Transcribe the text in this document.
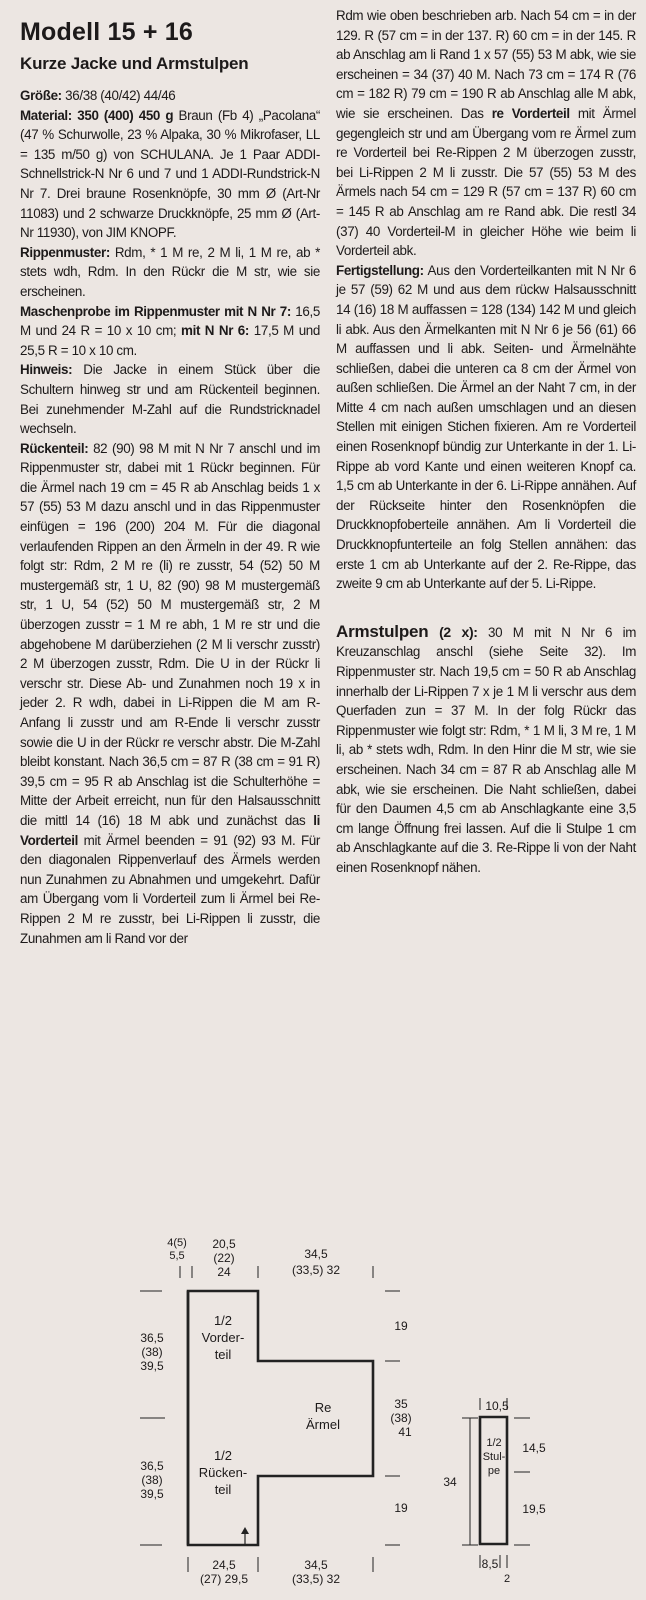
Modell 15 + 16
Kurze Jacke und Armstulpen

Größe: 36/38 (40/42) 44/46

Material: 350 (400) 450 g Braun (Fb 4) „Pacolana“ (47 % Schurwolle, 23 % Alpaka, 30 % Mikrofaser, LL = 135 m/50 g) von SCHULANA. Je 1 Paar ADDI-Schnellstrick-N Nr 6 und 7 und 1 ADDI-Rundstrick-N Nr 7. Drei braune Rosenknöpfe, 30 mm Ø (Art-Nr 11083) und 2 schwarze Druckknöpfe, 25 mm Ø (Art-Nr 11930), von JIM KNOPF.

Rippenmuster: Rdm, * 1 M re, 2 M li, 1 M re, ab * stets wdh, Rdm. In den Rückr die M str, wie sie erscheinen.

Maschenprobe im Rippenmuster mit N Nr 7: 16,5 M und 24 R = 10 x 10 cm; mit N Nr 6: 17,5 M und 25,5 R = 10 x 10 cm.

Hinweis: Die Jacke in einem Stück über die Schultern hinweg str und am Rückenteil beginnen. Bei zunehmender M-Zahl auf die Rundstricknadel wechseln.

Rückenteil: 82 (90) 98 M mit N Nr 7 anschl und im Rippenmuster str, dabei mit 1 Rückr beginnen. Für die Ärmel nach 19 cm = 45 R ab Anschlag beids 1 x 57 (55) 53 M dazu anschl und in das Rippenmuster einfügen = 196 (200) 204 M. Für die diagonal verlaufenden Rippen an den Ärmeln in der 49. R wie folgt str: Rdm, 2 M re (li) re zusstr, 54 (52) 50 M mustergemäß str, 1 U, 82 (90) 98 M mustergemäß str, 1 U, 54 (52) 50 M mustergemäß str, 2 M überzogen zusstr = 1 M re abh, 1 M re str und die abgehobene M darüberziehen (2 M li verschr zusstr) 2 M überzogen zusstr, Rdm. Die U in der Rückr li verschr str. Diese Ab- und Zunahmen noch 19 x in jeder 2. R wdh, dabei in Li-Rippen die M am R-Anfang li zusstr und am R-Ende li verschr zusstr sowie die U in der Rückr re verschr abstr. Die M-Zahl bleibt konstant. Nach 36,5 cm = 87 R (38 cm = 91 R) 39,5 cm = 95 R ab Anschlag ist die Schulterhöhe = Mitte der Arbeit erreicht, nun für den Halsausschnitt die mittl 14 (16) 18 M abk und zunächst das li Vorderteil mit Ärmel beenden = 91 (92) 93 M. Für den diagonalen Rippenverlauf des Ärmels werden nun Zunahmen zu Abnahmen und umgekehrt. Dafür am Übergang vom li Vorderteil zum li Ärmel bei Re-Rippen 2 M re zusstr, bei Li-Rippen li zusstr, die Zunahmen am li Rand vor der

Rdm wie oben beschrieben arb. Nach 54 cm = in der 129. R (57 cm = in der 137. R) 60 cm = in der 145. R ab Anschlag am li Rand 1 x 57 (55) 53 M abk, wie sie erscheinen = 34 (37) 40 M. Nach 73 cm = 174 R (76 cm = 182 R) 79 cm = 190 R ab Anschlag alle M abk, wie sie erscheinen. Das re Vorderteil mit Ärmel gegengleich str und am Übergang vom re Ärmel zum re Vorderteil bei Re-Rippen 2 M überzogen zusstr, bei Li-Rippen 2 M li zusstr. Die 57 (55) 53 M des Ärmels nach 54 cm = 129 R (57 cm = 137 R) 60 cm = 145 R ab Anschlag am re Rand abk. Die restl 34 (37) 40 Vorderteil-M in gleicher Höhe wie beim li Vorderteil abk.

Fertigstellung: Aus den Vorderteilkanten mit N Nr 6 je 57 (59) 62 M und aus dem rückw Halsausschnitt 14 (16) 18 M auffassen = 128 (134) 142 M und gleich li abk. Aus den Ärmelkanten mit N Nr 6 je 56 (61) 66 M auffassen und li abk. Seiten- und Ärmelnähte schließen, dabei die unteren ca 8 cm der Ärmel von außen schließen. Die Ärmel an der Naht 7 cm, in der Mitte 4 cm nach außen umschlagen und an diesen Stellen mit einigen Stichen fixieren. Am re Vorderteil einen Rosenknopf bündig zur Unterkante in der 1. Li-Rippe ab vord Kante und einen weiteren Knopf ca. 1,5 cm ab Unterkante in der 6. Li-Rippe annähen. Auf der Rückseite hinter den Rosenknöpfen die Druckknopfoberteile annähen. Am li Vorderteil die Druckknopfunterteile an folg Stellen annähen: das erste 1 cm ab Unterkante auf der 2. Re-Rippe, das zweite 9 cm ab Unterkante auf der 5. Li-Rippe.

Armstulpen (2 x): 30 M mit N Nr 6 im Kreuzanschlag anschl (siehe Seite 32). Im Rippenmuster str. Nach 19,5 cm = 50 R ab Anschlag innerhalb der Li-Rippen 7 x je 1 M li verschr aus dem Querfaden zun = 37 M. In der folg Rückr das Rippenmuster wie folgt str: Rdm, * 1 M li, 3 M re, 1 M li, ab * stets wdh, Rdm. In den Hinr die M str, wie sie erscheinen. Nach 34 cm = 87 R ab Anschlag alle M abk, wie sie erscheinen. Die Naht schließen, dabei für den Daumen 4,5 cm ab Anschlagkante eine 3,5 cm lange Öffnung frei lassen. Auf die li Stulpe 1 cm ab Anschlagkante auf die 3. Re-Rippe li von der Naht einen Rosenknopf nähen.

1/2
Vorder-
teil
1/2
Rücken-
teil
Re
Ärmel
4(5)
5,5
20,5
(22)
24
34,5
(33,5) 32
36,5
(38)
39,5
36,5
(38)
39,5
19
35
(38)
41
19
24,5
(27) 29,5
34,5
(33,5) 32
1/2
Stul-
pe
10,5
34
14,5
19,5
8,5
2
